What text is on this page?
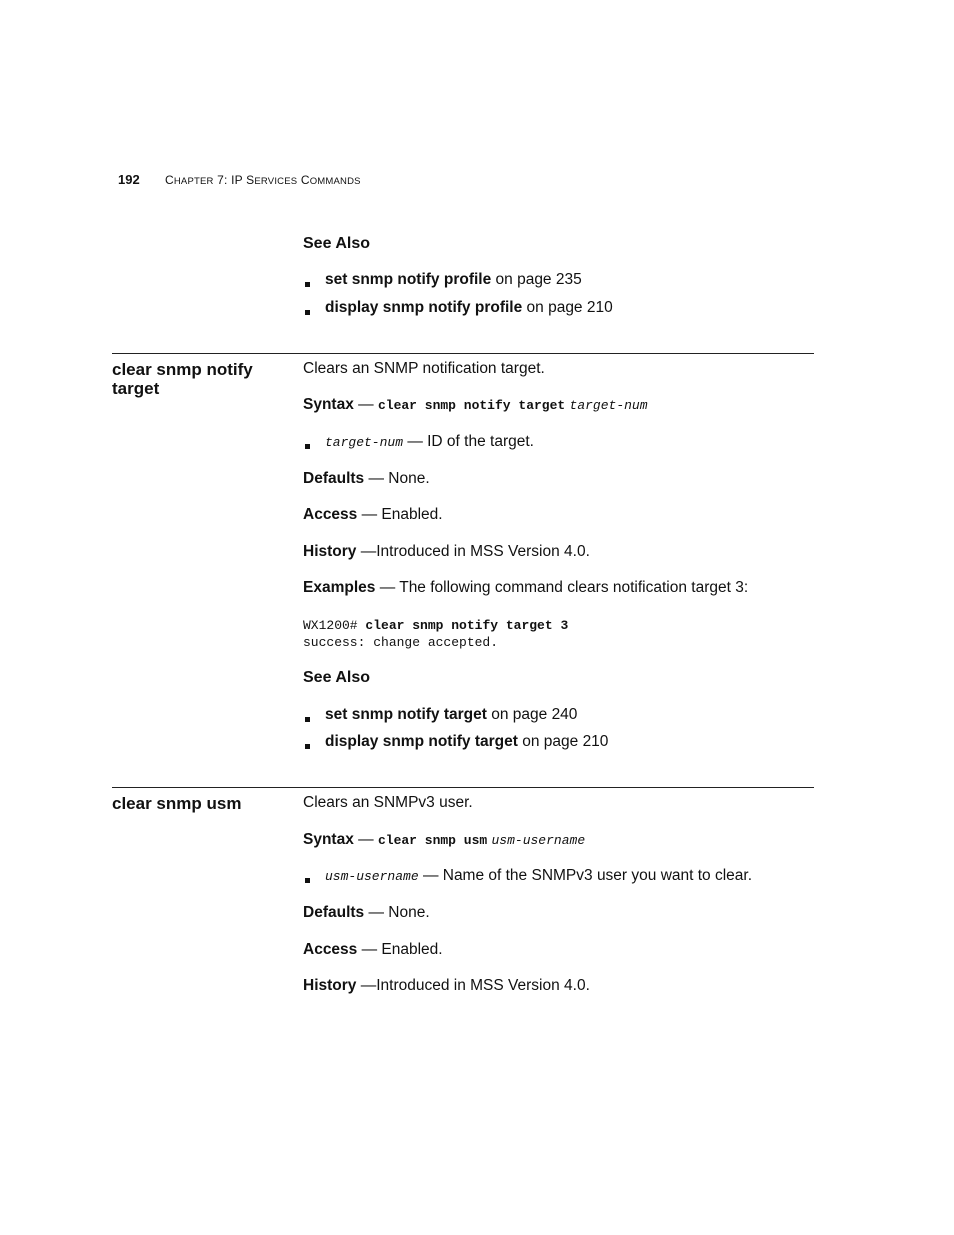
192 CHAPTER 7: IP SERVICES COMMANDS
See Also
set snmp notify profile on page 235
display snmp notify profile on page 210
clear snmp notify target
Clears an SNMP notification target.
Syntax — clear snmp notify target target-num
target-num — ID of the target.
Defaults — None.
Access — Enabled.
History —Introduced in MSS Version 4.0.
Examples — The following command clears notification target 3:
WX1200# clear snmp notify target 3
success: change accepted.
See Also
set snmp notify target on page 240
display snmp notify target on page 210
clear snmp usm	Clears an SNMPv3 user.
Syntax — clear snmp usm usm-username
usm-username — Name of the SNMPv3 user you want to clear.
Defaults — None.
Access — Enabled.
History —Introduced in MSS Version 4.0.
